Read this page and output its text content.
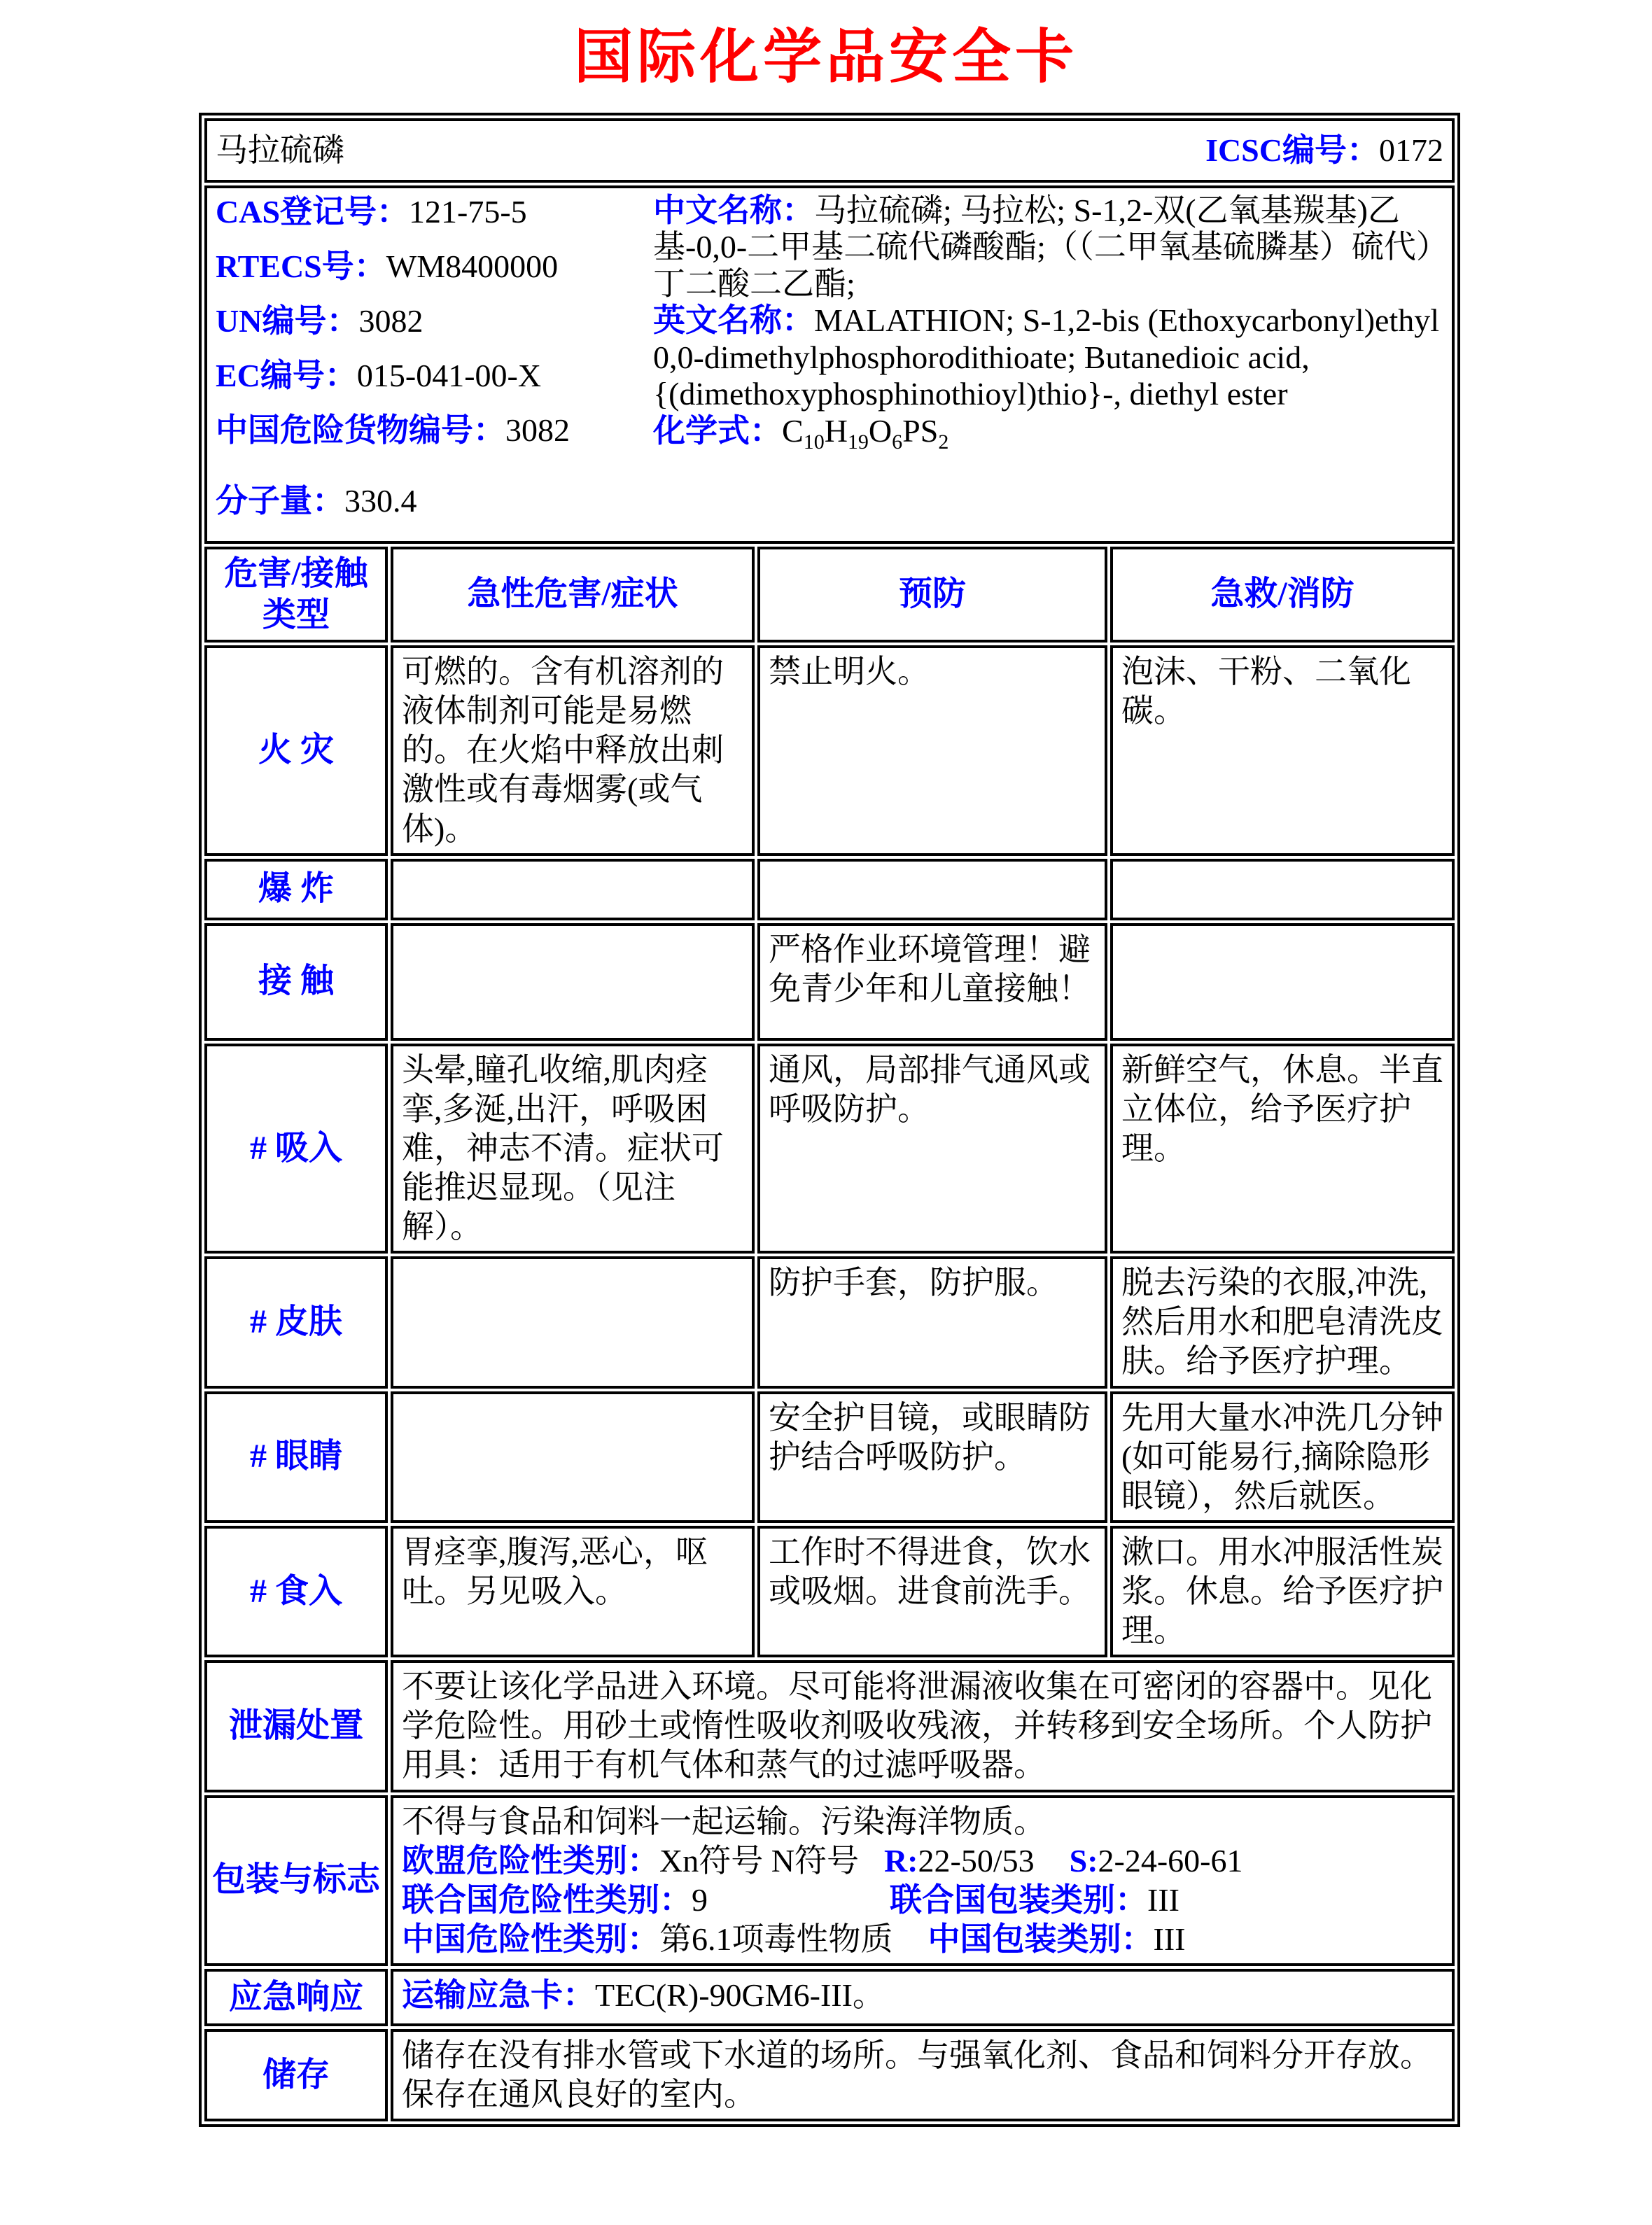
国际化学品安全卡
马拉硫磷 ICSC编号：0172			

CAS登记号：121-75-5
RTECS号：WM8400000
UN编号：3082
EC编号：015-041-00-X
中国危险货物编号：3082
分子量：330.4
中文名称：马拉硫磷; 马拉松; S-1,2-双(乙氧基羰基)乙基-0,0-二甲基二硫代磷酸酯;（（二甲氧基硫膦基）硫代）丁二酸二乙酯;
英文名称：MALATHION; S-1,2-bis (Ethoxycarbonyl)ethyl 0,0-dimethylphosphorodithioate; Butanedioic acid, {(dimethoxyphosphinothioyl)thio}-, diethyl ester
化学式：$C_{10}H_{19}O_6PS_2$

危害/接触
类型	急性危害/症状	预防	急救/消防
火 灾	可燃的。含有机溶剂的液体制剂可能是易燃的。在火焰中释放出刺激性或有毒烟雾(或气体)。	禁止明火。	泡沫、干粉、二氧化碳。
爆 炸			
接 触		严格作业环境管理！避免青少年和儿童接触！	
# 吸入	头晕,瞳孔收缩,肌肉痉挛,多涎,出汗，呼吸困难，神志不清。症状可能推迟显现。（见注解）。	通风，局部排气通风或呼吸防护。	新鲜空气，休息。半直立体位，给予医疗护理。
# 皮肤		防护手套，防护服。	脱去污染的衣服,冲洗,然后用水和肥皂清洗皮肤。给予医疗护理。
# 眼睛		安全护目镜，或眼睛防护结合呼吸防护。	先用大量水冲洗几分钟(如可能易行,摘除隐形眼镜），然后就医。
# 食入	胃痉挛,腹泻,恶心，呕吐。另见吸入。	工作时不得进食，饮水或吸烟。进食前洗手。	漱口。用水冲服活性炭浆。休息。给予医疗护理。
泄漏处置	不要让该化学品进入环境。尽可能将泄漏液收集在可密闭的容器中。见化学危险性。用砂土或惰性吸收剂吸收残液，并转移到安全场所。个人防护用具：适用于有机气体和蒸气的过滤呼吸器。		
包装与标志	不得与食品和饲料一起运输。污染海洋物质。
欧盟危险性类别：Xn符号 N符号 R:22-50/53 S:2-24-60-61
联合国危险性类别：9 联合国包装类别：III
中国危险性类别：第6.1项毒性物质 中国包装类别：III		

应急响应	运输应急卡：TEC(R)-90GM6-III。		
储存	储存在没有排水管或下水道的场所。与强氧化剂、食品和饲料分开存放。保存在通风良好的室内。		
